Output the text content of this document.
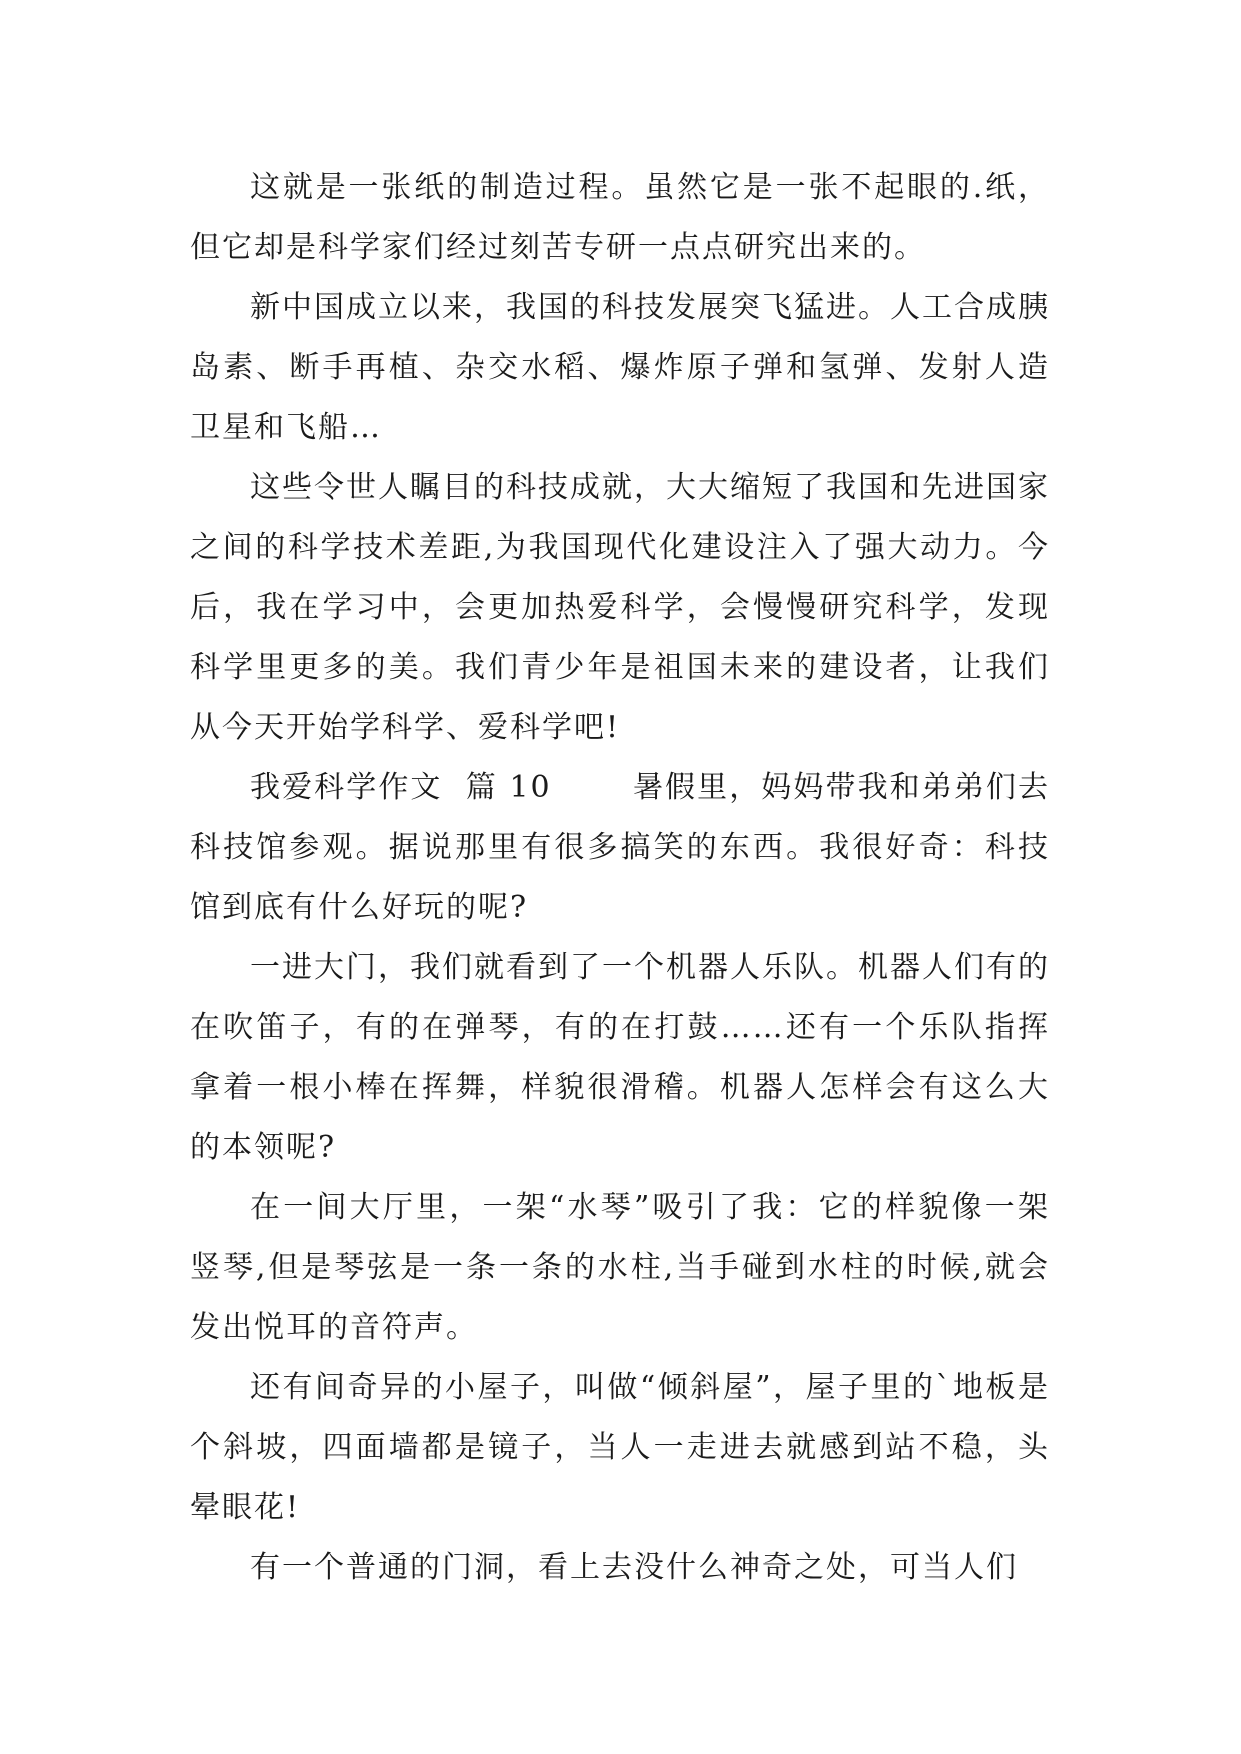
这就是一张纸的制造过程。虽然它是一张不起眼的.纸，但它却是科学家们经过刻苦专研一点点研究出来的。

新中国成立以来，我国的科技发展突飞猛进。人工合成胰岛素、断手再植、杂交水稻、爆炸原子弹和氢弹、发射人造卫星和飞船…

这些令世人瞩目的科技成就，大大缩短了我国和先进国家之间的科学技术差距,为我国现代化建设注入了强大动力。今后，我在学习中，会更加热爱科学，会慢慢研究科学，发现科学里更多的美。我们青少年是祖国未来的建设者，让我们从今天开始学科学、爱科学吧!

我爱科学作文  篇 10       暑假里，妈妈带我和弟弟们去科技馆参观。据说那里有很多搞笑的东西。我很好奇：科技馆到底有什么好玩的呢?

一进大门，我们就看到了一个机器人乐队。机器人们有的在吹笛子，有的在弹琴，有的在打鼓……还有一个乐队指挥拿着一根小棒在挥舞，样貌很滑稽。机器人怎样会有这么大的本领呢?

在一间大厅里，一架“水琴”吸引了我：它的样貌像一架竖琴,但是琴弦是一条一条的水柱,当手碰到水柱的时候,就会发出悦耳的音符声。

还有间奇异的小屋子，叫做“倾斜屋”，屋子里的`地板是个斜坡，四面墙都是镜子，当人一走进去就感到站不稳，头晕眼花!

有一个普通的门洞，看上去没什么神奇之处，可当人们
